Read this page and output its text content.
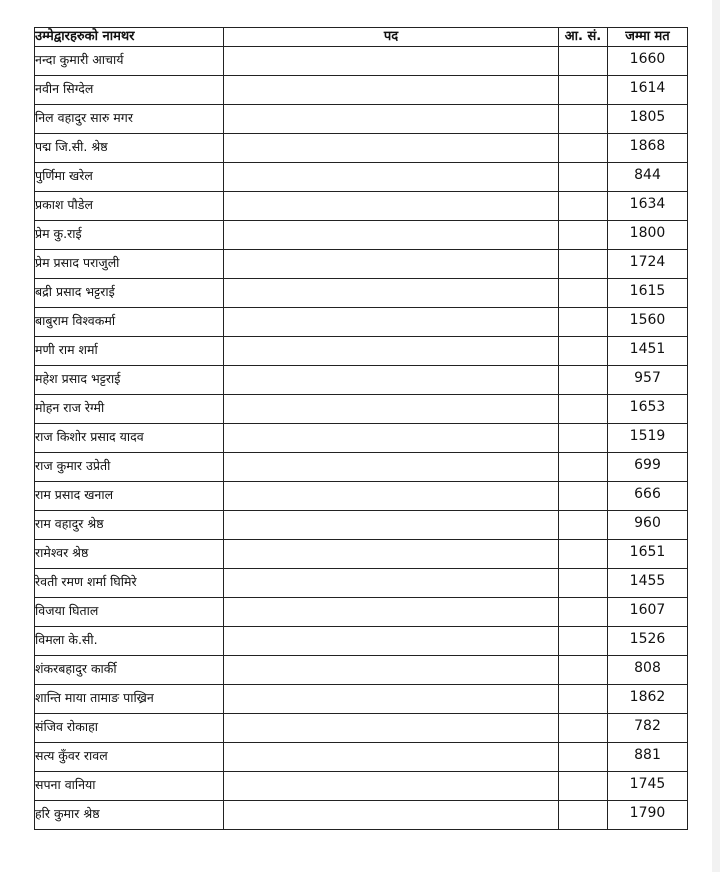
उम्मेद्वारहरुको नामथर	पद	आ. सं.	जम्मा मत
नन्दा कुमारी आचार्य			1660
नवीन सिग्देल			1614
निल वहादुर सारु मगर			1805
पद्म जि.सी. श्रेष्ठ			1868
पुर्णिमा खरेल			844
प्रकाश पौडेल			1634
प्रेम कु.राई			1800
प्रेम प्रसाद पराजुली			1724
बद्री प्रसाद भट्टराई			1615
बाबुराम विश्वकर्मा			1560
मणी राम शर्मा			1451
महेश प्रसाद भट्टराई			957
मोहन राज रेग्मी			1653
राज किशोर प्रसाद यादव			1519
राज कुमार उप्रेती			699
राम प्रसाद खनाल			666
राम वहादुर श्रेष्ठ			960
रामेश्वर श्रेष्ठ			1651
रेवती रमण शर्मा घिमिरे			1455
विजया घिताल			1607
विमला के.सी.			1526
शंकरबहादुर कार्की			808
शान्ति माया तामाङ पाख्रिन			1862
संजिव रोकाहा			782
सत्य कुँवर रावल			881
सपना वानिया			1745
हरि कुमार श्रेष्ठ			1790
